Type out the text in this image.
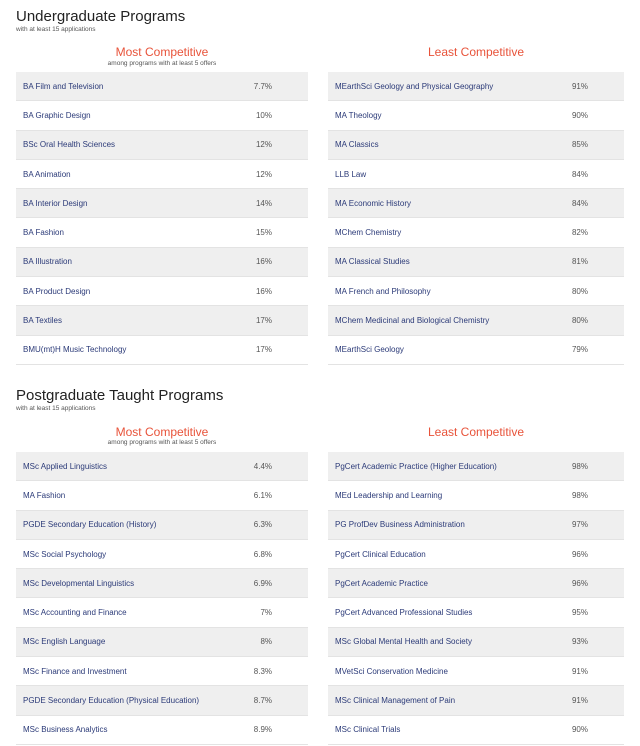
Undergraduate Programs
with at least 15 applications
Most Competitive
among programs with at least 5 offers
Least Competitive
BA Film and Television	7.7%
BA Graphic Design	10%
BSc Oral Health Sciences	12%
BA Animation	12%
BA Interior Design	14%
BA Fashion	15%
BA Illustration	16%
BA Product Design	16%
BA Textiles	17%
BMU(mt)H Music Technology	17%
MEarthSci Geology and Physical Geography	91%
MA Theology	90%
MA Classics	85%
LLB Law	84%
MA Economic History	84%
MChem Chemistry	82%
MA Classical Studies	81%
MA French and Philosophy	80%
MChem Medicinal and Biological Chemistry	80%
MEarthSci Geology	79%
Postgraduate Taught Programs
with at least 15 applications
Most Competitive
among programs with at least 5 offers
Least Competitive
MSc Applied Linguistics	4.4%
MA Fashion	6.1%
PGDE Secondary Education (History)	6.3%
MSc Social Psychology	6.8%
MSc Developmental Linguistics	6.9%
MSc Accounting and Finance	7%
MSc English Language	8%
MSc Finance and Investment	8.3%
PGDE Secondary Education (Physical Education)	8.7%
MSc Business Analytics	8.9%
PgCert Academic Practice (Higher Education)	98%
MEd Leadership and Learning	98%
PG ProfDev Business Administration	97%
PgCert Clinical Education	96%
PgCert Academic Practice	96%
PgCert Advanced Professional Studies	95%
MSc Global Mental Health and Society	93%
MVetSci Conservation Medicine	91%
MSc Clinical Management of Pain	91%
MSc Clinical Trials	90%
